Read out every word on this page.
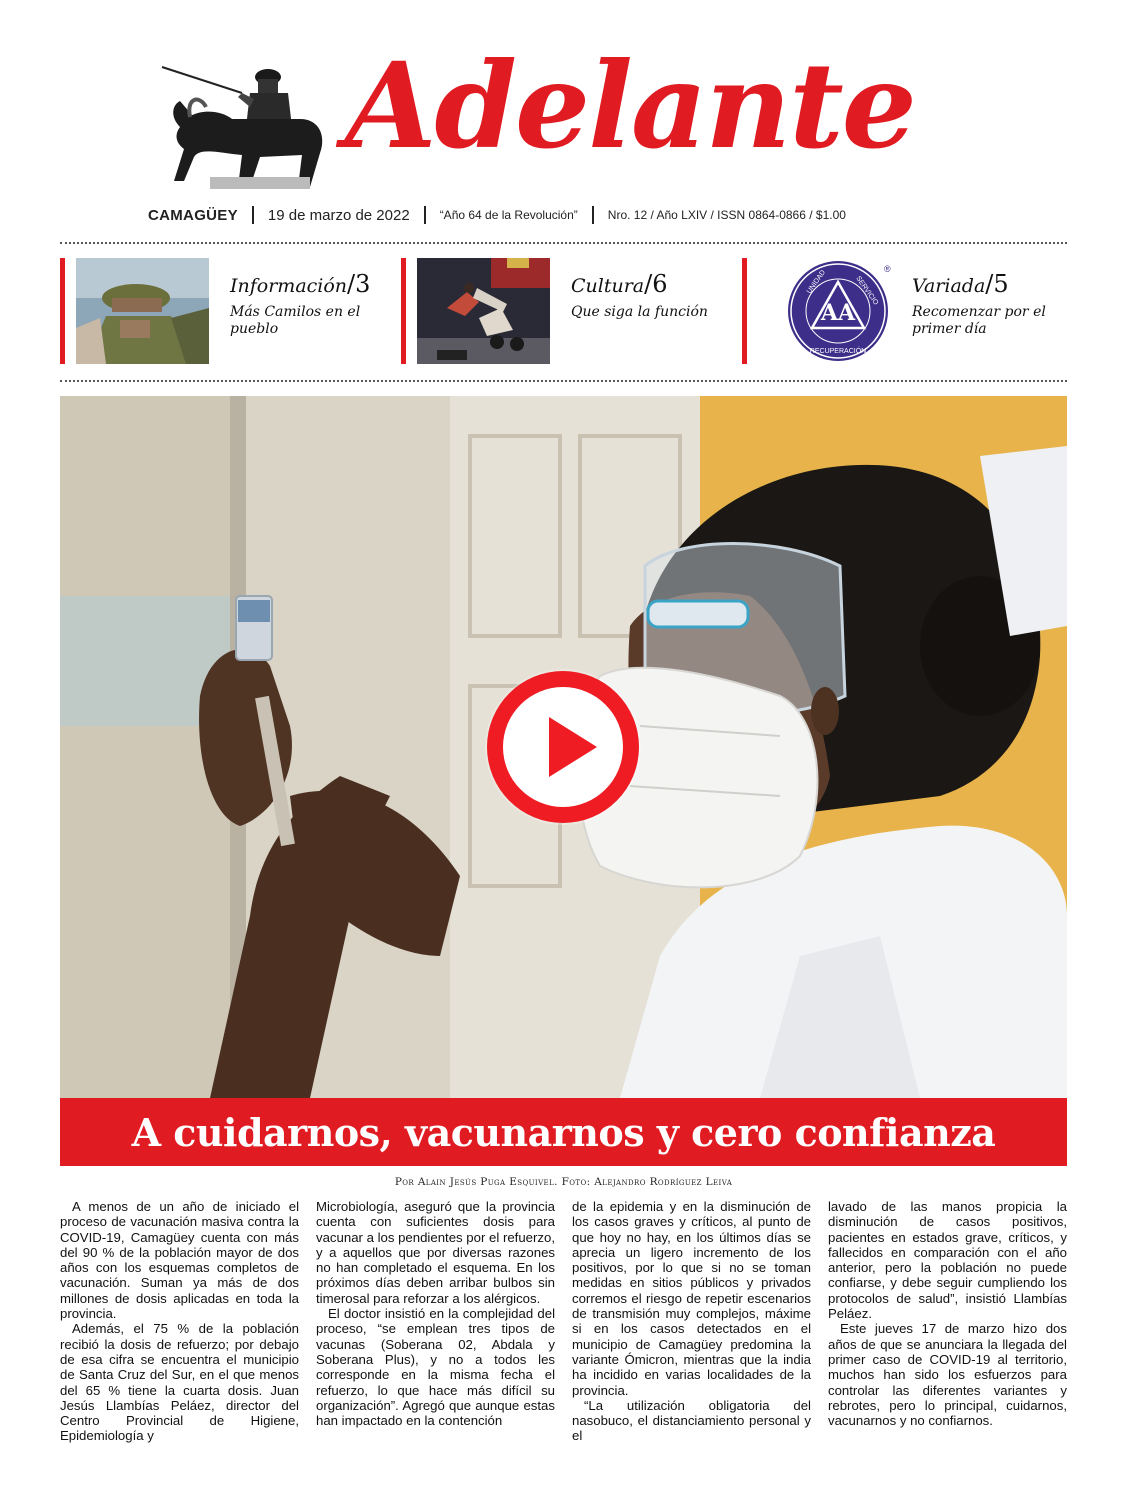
Adelante
CAMAGÜEY 19 de marzo de 2022	“Año 64 de la Revolución”	Nro. 12 / Año LXIV / ISSN 0864-0866 / $1.00
Información/3
Más Camilos en el pueblo
Cultura/6
Que siga la función	AA
UNIDAD	SERVICIO
RECUPERACIÓN
®
Variada/5
Recomenzar por el primer día
A cuidarnos, vacunarnos y cero confianza
Por Alain Jesús Puga Esquivel. Foto: Alejandro Rodríguez Leiva

A menos de un año de iniciado el proceso de vacunación masiva contra la COVID-19, Camagüey cuenta con más del 90 % de la población mayor de dos años con los esquemas completos de vacunación. Suman ya más de dos millones de dosis aplicadas en toda la provincia.

Además, el 75 % de la población recibió la dosis de refuerzo; por debajo de esa cifra se encuentra el municipio de Santa Cruz del Sur, en el que menos del 65 % tiene la cuarta dosis. Juan Jesús Llambías Peláez, director del Centro Provincial de Higiene, Epidemiología y

Microbiología, aseguró que la provincia cuenta con suficientes dosis para vacunar a los pendientes por el refuerzo, y a aquellos que por diversas razones no han completado el esquema. En los próximos días deben arribar bulbos sin timerosal para reforzar a los alérgicos.

El doctor insistió en la complejidad del proceso, “se emplean tres tipos de vacunas (Soberana 02, Abdala y Soberana Plus), y no a todos les corresponde en la misma fecha el refuerzo, lo que hace más difícil su organización”. Agregó que aunque estas han impactado en la contención

de la epidemia y en la disminución de los casos graves y críticos, al punto de que hoy no hay, en los últimos días se aprecia un ligero incremento de los positivos, por lo que si no se toman medidas en sitios públicos y privados corremos el riesgo de repetir escenarios de transmisión muy complejos, máxime si en los casos detectados en el municipio de Camagüey predomina la variante Ómicron, mientras que la india ha incidido en varias localidades de la provincia.

“La utilización obligatoria del nasobuco, el distanciamiento personal y el

lavado de las manos propicia la disminución de casos positivos, pacientes en estados grave, críticos, y fallecidos en comparación con el año anterior, pero la población no puede confiarse, y debe seguir cumpliendo los protocolos de salud”, insistió Llambías Peláez.

Este jueves 17 de marzo hizo dos años de que se anunciara la llegada del primer caso de COVID-19 al territorio, muchos han sido los esfuerzos para controlar las diferentes variantes y rebrotes, pero lo principal, cuidarnos, vacunarnos y no confiarnos.
